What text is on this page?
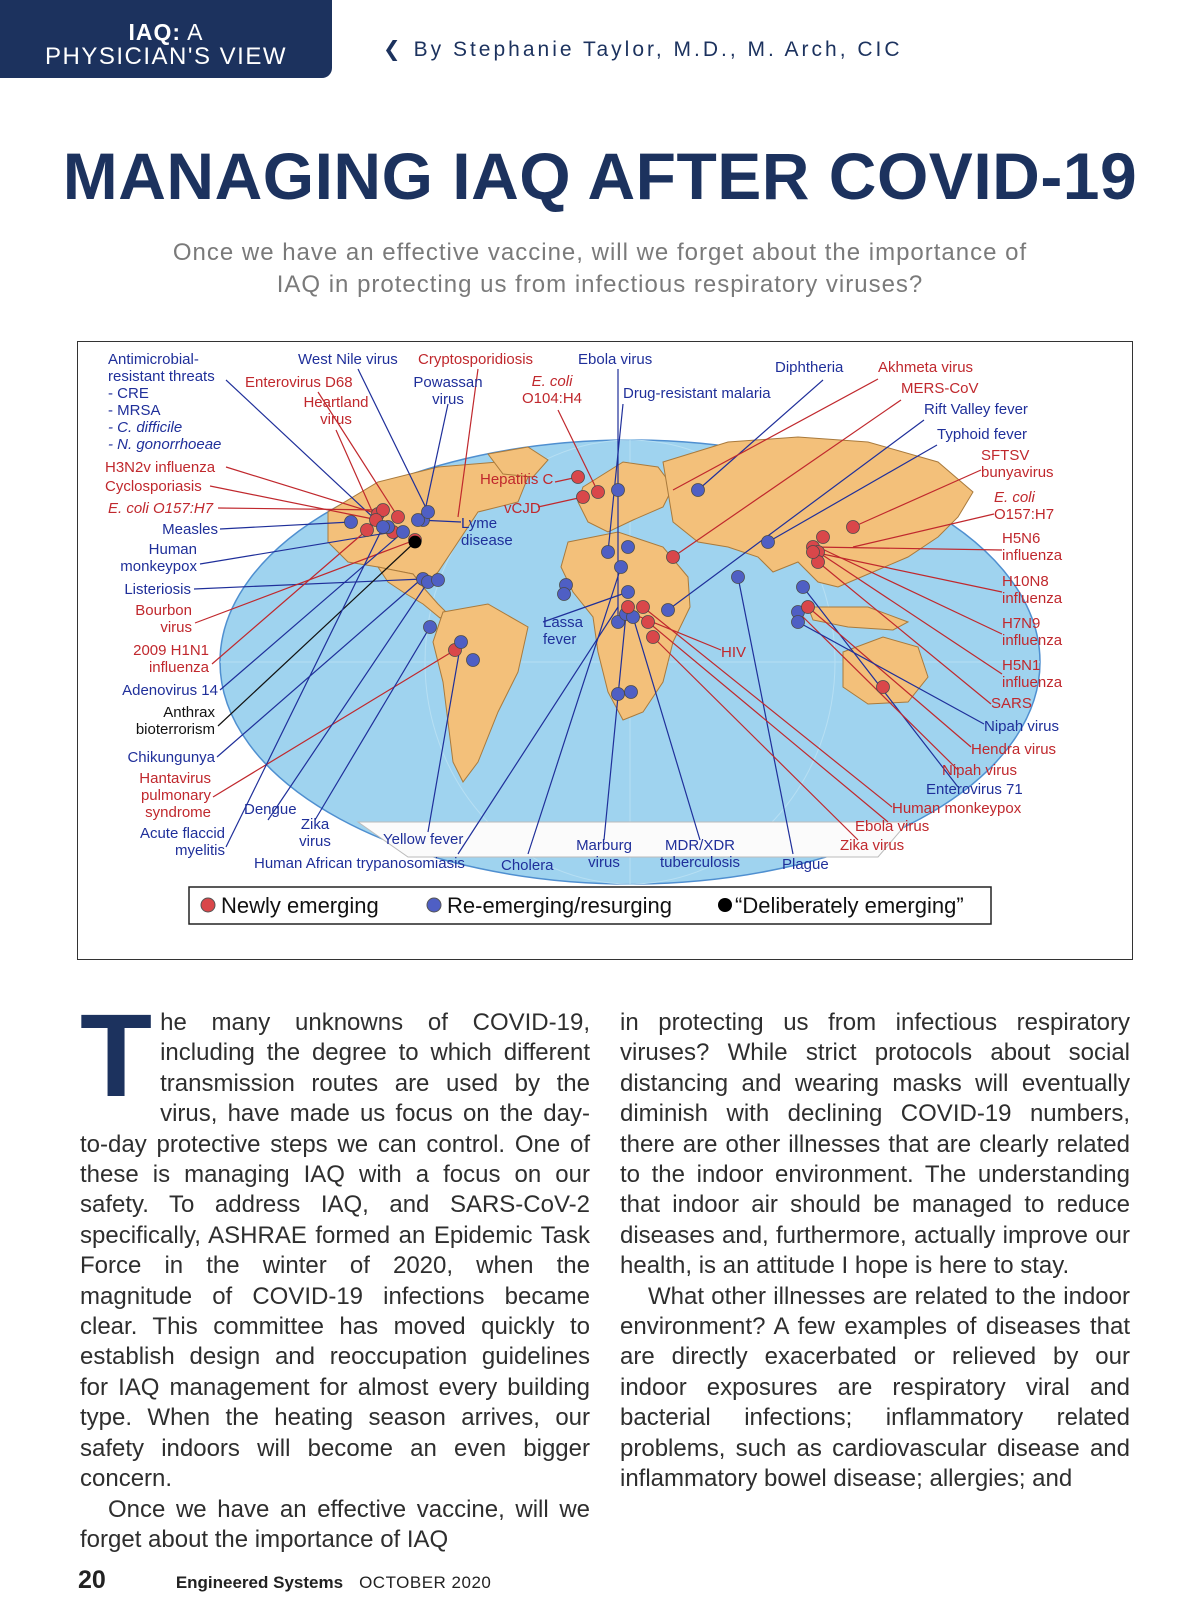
IAQ: A
PHYSICIAN'S VIEW	❮ By Stephanie Taylor, M.D., M. Arch, CIC
MANAGING IAQ AFTER COVID-19
Once we have an effective vaccine, will we forget about the importance of IAQ in protecting us from infectious respiratory viruses?
Antimicrobial-resistant threats - CRE - MRSA - C. difficile - N. gonorrhoeae
West Nile virus Cryptosporidiosis	Ebola virus
Enterovirus D68	Powassan virus
E. coli O104:H4	Drug-resistant malaria
Diphtheria Akhmeta virus
MERS-CoV
Rift Valley fever
Typhoid fever
SFTSV bunyavirus
E. coli O157:H7
Heartland virus
H3N2v influenza
Cyclosporiasis
E. coli O157:H7
Measles
Human monkeypox
Listeriosis
Bourbon virus
2009 H1N1 influenza
Adenovirus 14
Anthrax bioterrorism
Chikungunya
Hantavirus pulmonary syndrome
Acute flaccid myelitis
Dengue
Zika virus	Yellow fever
Human African trypanosomiasis Cholera
Marburg virus
MDR/XDR tuberculosis	Plague
Zika virus
Ebola virus
Human monkeypox
Enterovirus 71
Nipah virus
Hendra virus
Nipah virus
SARS
H5N1 influenza
H7N9 influenza
H10N8 influenza
H5N6 influenza
Hepatitis C
vCJD
Lyme disease
Lassa fever
HIV
Newly emerging	Re-emerging/resurging	“Deliberately emerging”
T he many unknowns of COVID-19, including the degree to which different transmission routes are used by the virus, have made us focus on the day-to-day protective steps we can control. One of these is managing IAQ with a focus on our safety. To address IAQ, and SARS-CoV-2 specifically, ASHRAE formed an Epidemic Task Force in the winter of 2020, when the magnitude of COVID-19 infections became clear. This committee has moved quickly to establish design and reoccupation guidelines for IAQ management for almost every building type. When the heating season arrives, our safety indoors will become an even bigger concern.

Once we have an effective vaccine, will we forget about the importance of IAQ

in protecting us from infectious respiratory viruses? While strict protocols about social distancing and wearing masks will eventually diminish with declining COVID-19 numbers, there are other illnesses that are clearly related to the indoor environment. The understanding that indoor air should be managed to reduce diseases and, furthermore, actually improve our health, is an attitude I hope is here to stay.

What other illnesses are related to the indoor environment? A few examples of diseases that are directly exacerbated or relieved by our indoor exposures are respiratory viral and bacterial infections; inflammatory related problems, such as cardiovascular disease and inflammatory bowel disease; allergies; and

20	Engineered Systems OCTOBER 2020
